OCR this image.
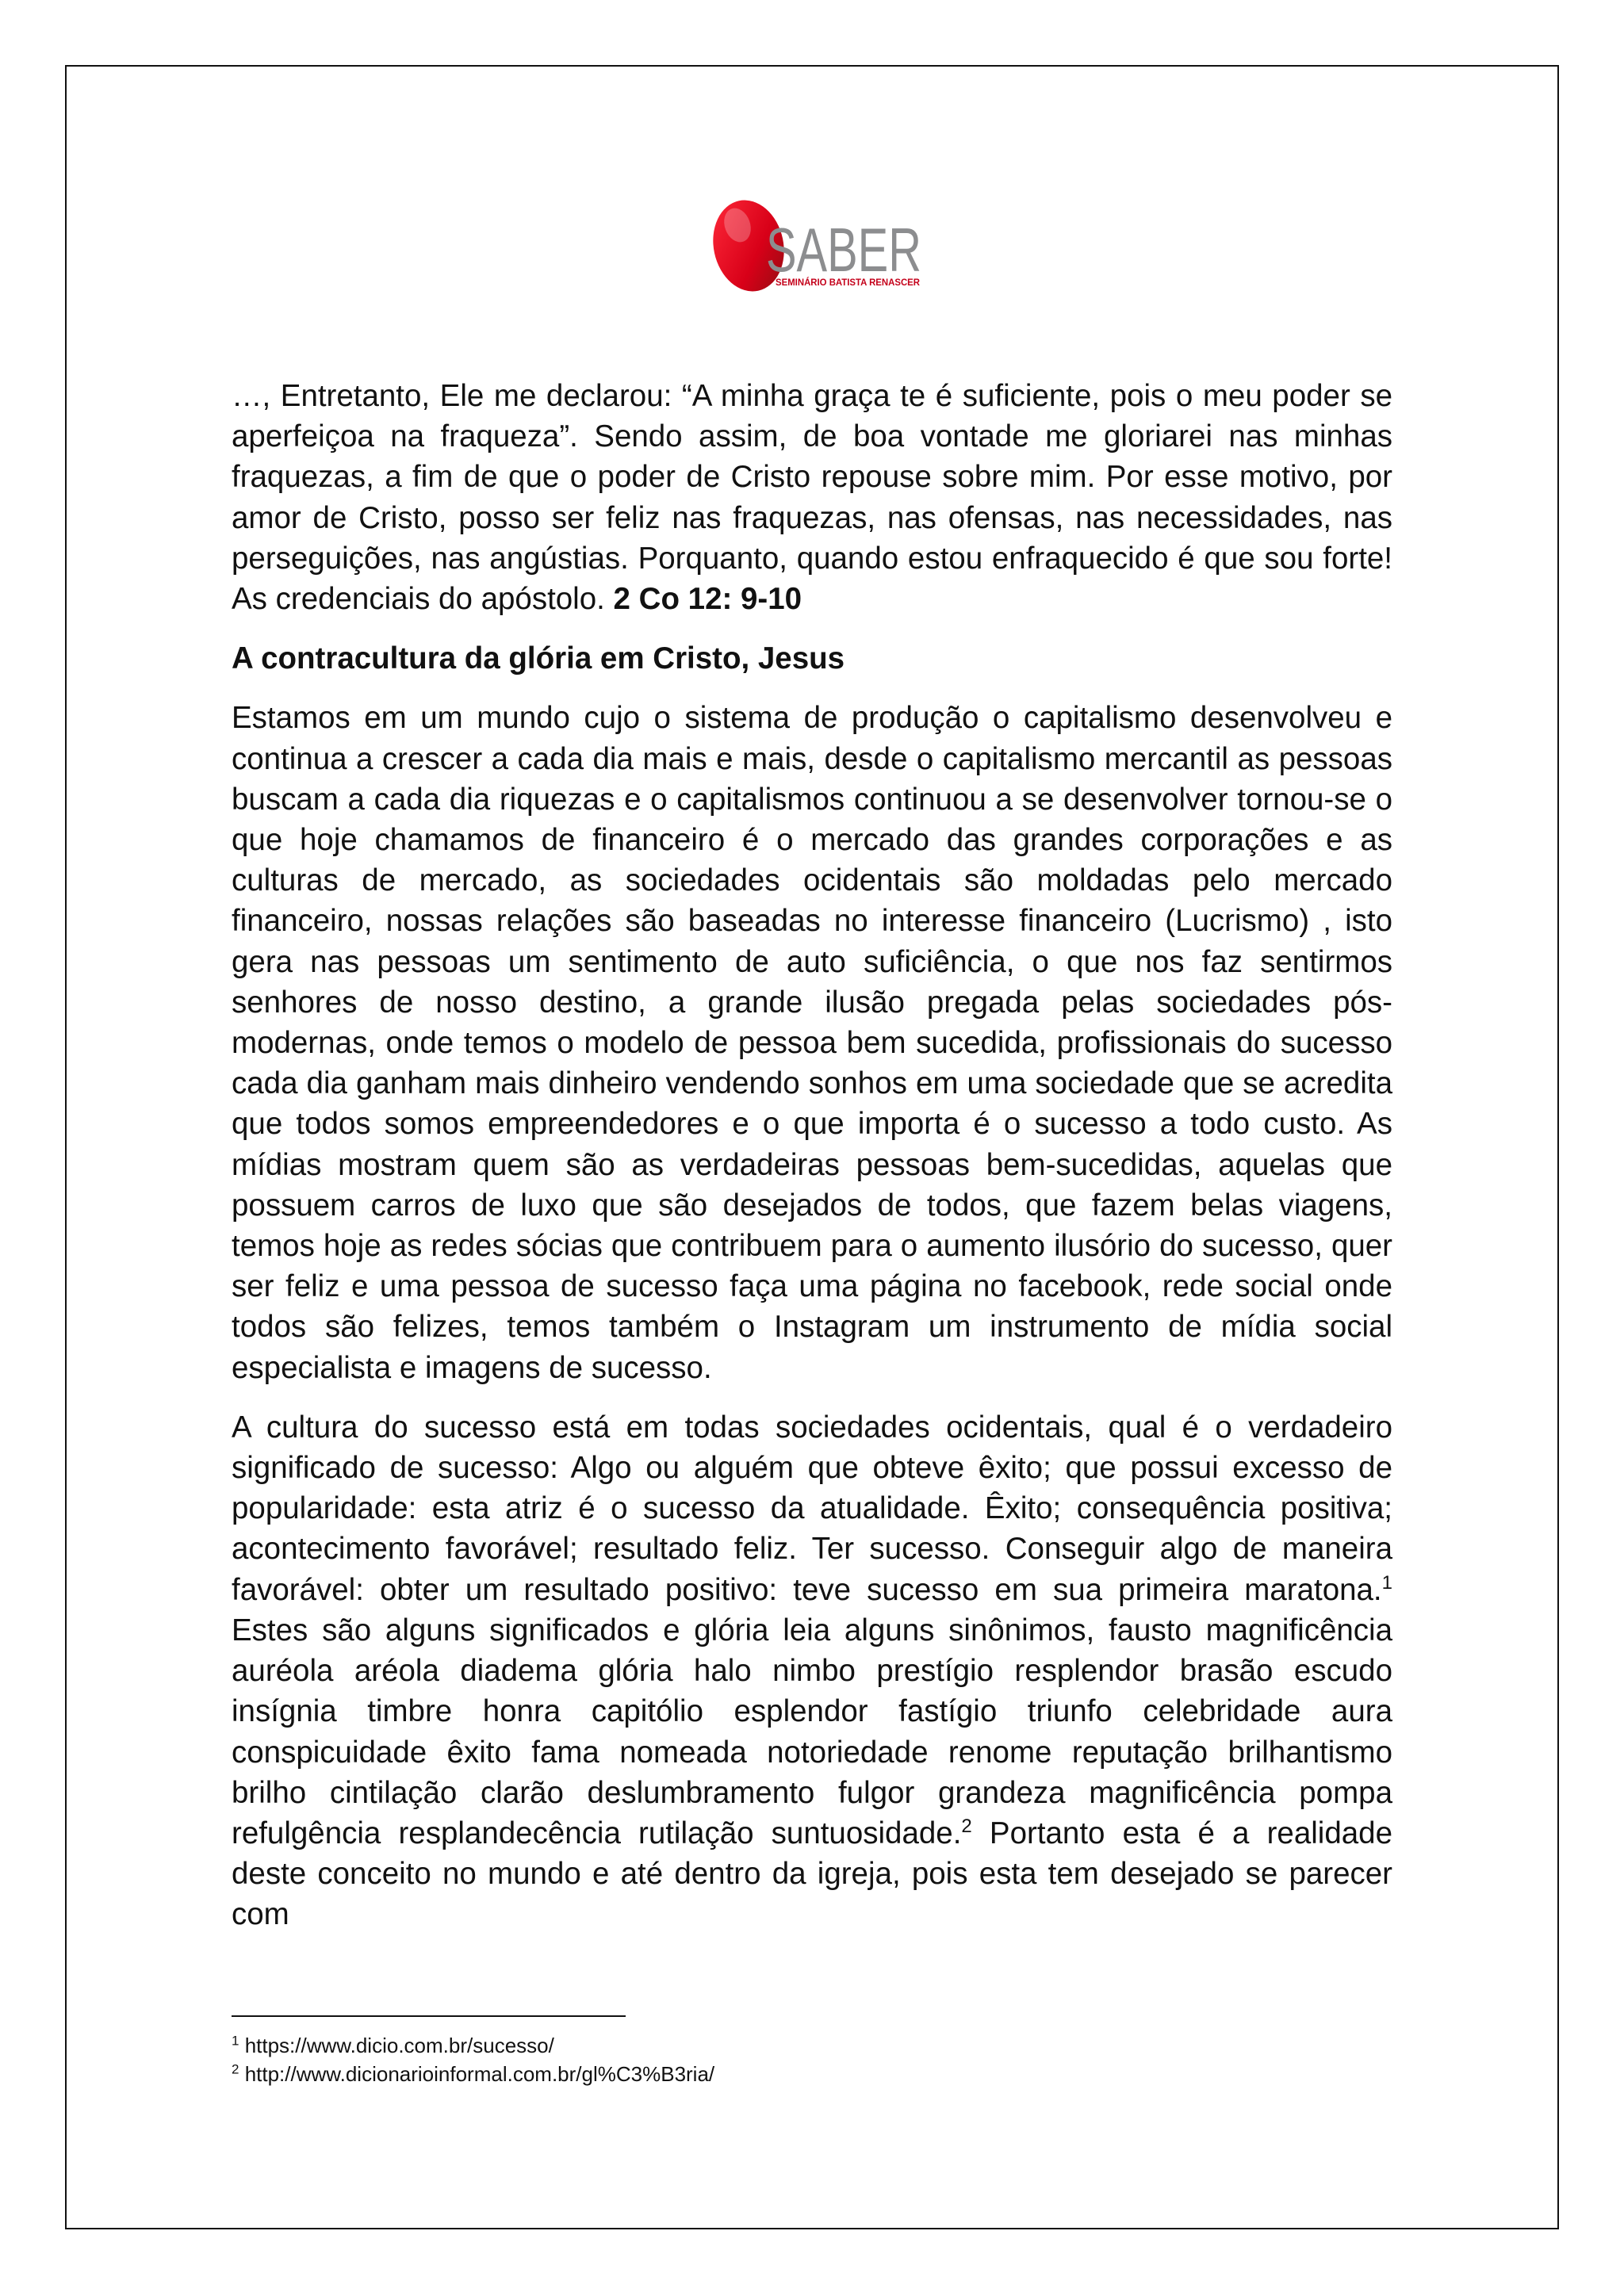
SABER
SEMINÁRIO BATISTA RENASCER

…, Entretanto, Ele me declarou: “A minha graça te é suficiente, pois o meu poder se aperfeiçoa na fraqueza”. Sendo assim, de boa vontade me gloriarei nas minhas fraquezas, a fim de que o poder de Cristo repouse sobre mim. Por esse motivo, por amor de Cristo, posso ser feliz nas fraquezas, nas ofensas, nas necessidades, nas perseguições, nas angústias. Porquanto, quando estou enfraquecido é que sou forte! As credenciais do apóstolo. 2 Co 12: 9-10

A contracultura da glória em Cristo, Jesus

Estamos em um mundo cujo o sistema de produção o capitalismo desenvolveu e continua a crescer a cada dia mais e mais, desde o capitalismo mercantil as pessoas buscam a cada dia riquezas e o capitalismos continuou a se desenvolver tornou-se o que hoje chamamos de financeiro é o mercado das grandes corporações e as culturas de mercado, as sociedades ocidentais são moldadas pelo mercado financeiro, nossas relações são baseadas no interesse financeiro (Lucrismo) , isto gera nas pessoas um sentimento de auto suficiência, o que nos faz sentirmos senhores de nosso destino, a grande ilusão pregada pelas sociedades pós-modernas, onde temos o modelo de pessoa bem sucedida, profissionais do sucesso cada dia ganham mais dinheiro vendendo sonhos em uma sociedade que se acredita que todos somos empreendedores e o que importa é o sucesso a todo custo. As mídias mostram quem são as verdadeiras pessoas bem-sucedidas, aquelas que possuem carros de luxo que são desejados de todos, que fazem belas viagens, temos hoje as redes sócias que contribuem para o aumento ilusório do sucesso, quer ser feliz e uma pessoa de sucesso faça uma página no facebook, rede social onde todos são felizes, temos também o Instagram um instrumento de mídia social especialista e imagens de sucesso.

A cultura do sucesso está em todas sociedades ocidentais, qual é o verdadeiro significado de sucesso: Algo ou alguém que obteve êxito; que possui excesso de popularidade: esta atriz é o sucesso da atualidade. Êxito; consequência positiva; acontecimento favorável; resultado feliz. Ter sucesso. Conseguir algo de maneira favorável: obter um resultado positivo: teve sucesso em sua primeira maratona.$^1$ Estes são alguns significados e glória leia alguns sinônimos, fausto magnificência auréola aréola diadema glória halo nimbo prestígio resplendor brasão escudo insígnia timbre honra capitólio esplendor fastígio triunfo celebridade aura conspicuidade êxito fama nomeada notoriedade renome reputação brilhantismo brilho cintilação clarão deslumbramento fulgor grandeza magnificência pompa refulgência resplandecência rutilação suntuosidade.$^2$ Portanto esta é a realidade deste conceito no mundo e até dentro da igreja, pois esta tem desejado se parecer com

$^1$ https://www.dicio.com.br/sucesso/
$^2$ http://www.dicionarioinformal.com.br/gl%C3%B3ria/
